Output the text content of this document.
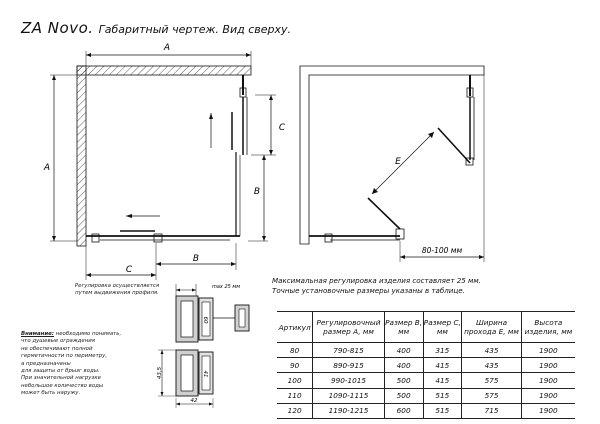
ZA Novo. Габаритный чертеж. Вид сверху.
A
A
C
B
C
B
E
80-100 мм
max 25 мм
60
41
43,5
42
Регулировка осуществляется путем выдвижения профиля.
Внимание: необходимо понимать,
что душевые ограждения
не обеспечивают полной
герметичности по периметру,
а предназначены
для защиты от брызг воды.
При значительной нагрузке
небольшое количество воды
может быть наружу.
Максимальная регулировка изделия составляет 25 мм.
Точные установочные размеры указаны в таблице.
Артикул	Регулировочный размер A, мм	Размер B, мм	Размер C, мм	Ширина прохода E, мм	Высота изделия, мм
80	790-815	400	315	435	1900
90	890-915	400	415	435	1900
100	990-1015	500	415	575	1900
110	1090-1115	500	515	575	1900
120	1190-1215	600	515	715	1900
